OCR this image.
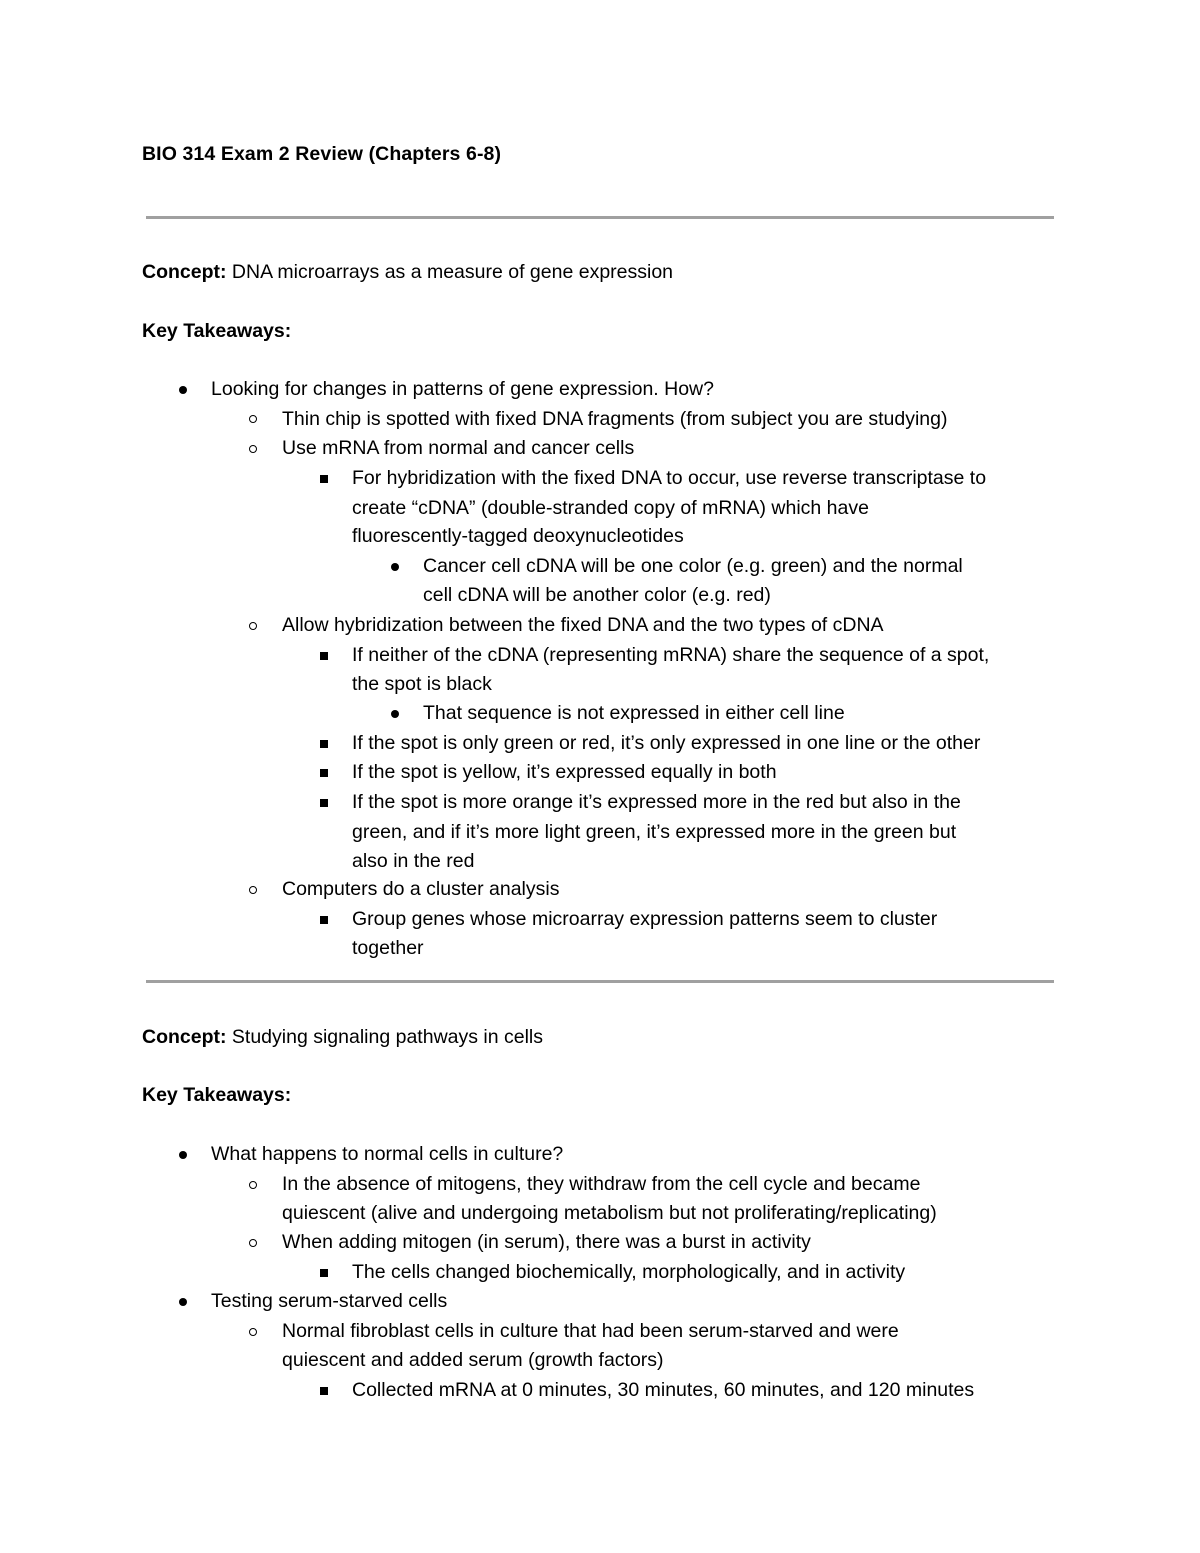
BIO 314 Exam 2 Review (Chapters 6-8)
Concept: DNA microarrays as a measure of gene expression
Key Takeaways:
Looking for changes in patterns of gene expression. How?
Thin chip is spotted with fixed DNA fragments (from subject you are studying)
Use mRNA from normal and cancer cells
For hybridization with the fixed DNA to occur, use reverse transcriptase to
create “cDNA” (double-stranded copy of mRNA) which have
fluorescently-tagged deoxynucleotides
Cancer cell cDNA will be one color (e.g. green) and the normal
cell cDNA will be another color (e.g. red)
Allow hybridization between the fixed DNA and the two types of cDNA
If neither of the cDNA (representing mRNA) share the sequence of a spot,
the spot is black
That sequence is not expressed in either cell line
If the spot is only green or red, it’s only expressed in one line or the other
If the spot is yellow, it’s expressed equally in both
If the spot is more orange it’s expressed more in the red but also in the
green, and if it’s more light green, it’s expressed more in the green but
also in the red
Computers do a cluster analysis
Group genes whose microarray expression patterns seem to cluster
together
Concept: Studying signaling pathways in cells
Key Takeaways:
What happens to normal cells in culture?
In the absence of mitogens, they withdraw from the cell cycle and became
quiescent (alive and undergoing metabolism but not proliferating/replicating)
When adding mitogen (in serum), there was a burst in activity
The cells changed biochemically, morphologically, and in activity
Testing serum-starved cells
Normal fibroblast cells in culture that had been serum-starved and were
quiescent and added serum (growth factors)
Collected mRNA at 0 minutes, 30 minutes, 60 minutes, and 120 minutes
